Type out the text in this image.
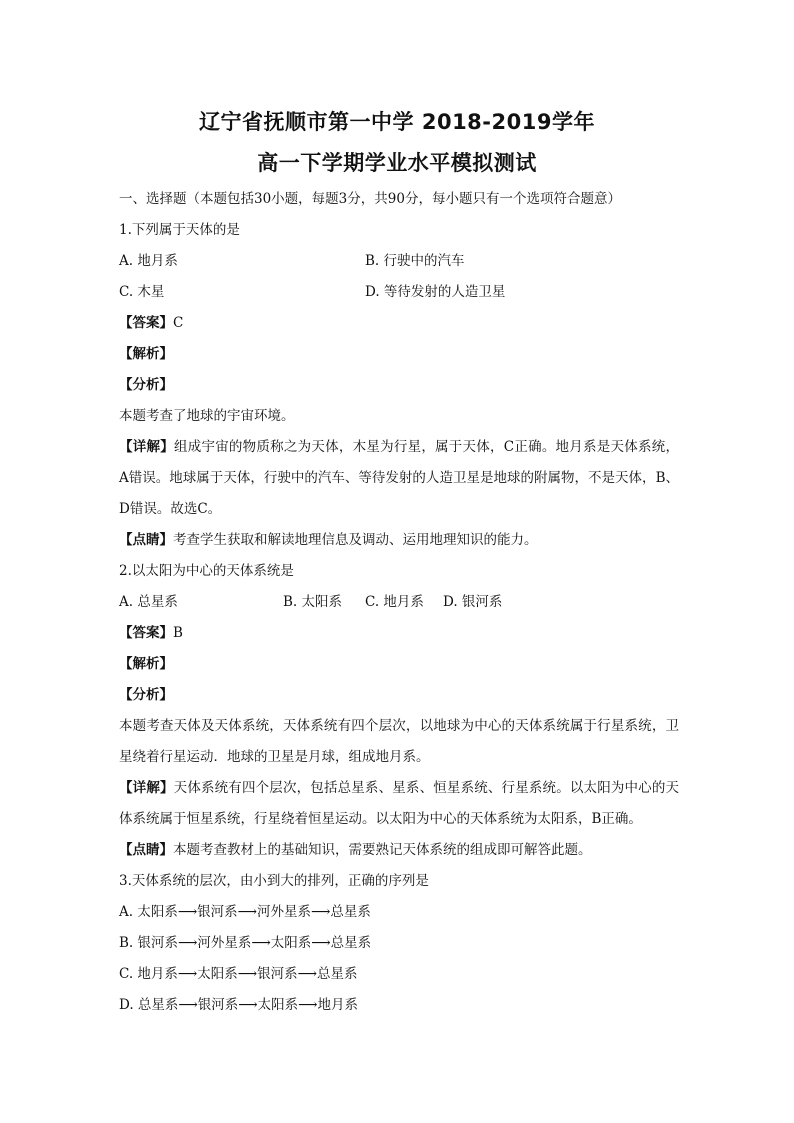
辽宁省抚顺市第一中学 2018-2019学年
高一下学期学业水平模拟测试
一、选择题（本题包括30小题，每题3分，共90分，每小题只有一个选项符合题意）
1.下列属于天体的是
A. 地月系	B. 行驶中的汽车
C. 木星	D. 等待发射的人造卫星
【答案】C
【解析】
【分析】
本题考查了地球的宇宙环境。
【详解】组成宇宙的物质称之为天体，木星为行星，属于天体，C正确。地月系是天体系统，A错误。地球属于天体，行驶中的汽车、等待发射的人造卫星是地球的附属物，不是天体，B、D错误。故选C。
【点睛】考查学生获取和解读地理信息及调动、运用地理知识的能力。
2.以太阳为中心的天体系统是
A. 总星系	B. 太阳系	C. 地月系	D. 银河系
【答案】B
【解析】
【分析】
本题考查天体及天体系统，天体系统有四个层次，以地球为中心的天体系统属于行星系统，卫星绕着行星运动．地球的卫星是月球，组成地月系。
【详解】天体系统有四个层次，包括总星系、星系、恒星系统、行星系统。以太阳为中心的天体系统属于恒星系统，行星绕着恒星运动。以太阳为中心的天体系统为太阳系，B正确。
【点睛】本题考查教材上的基础知识，需要熟记天体系统的组成即可解答此题。
3.天体系统的层次，由小到大的排列，正确的序列是
A. 太阳系⟶银河系⟶河外星系⟶总星系
B. 银河系⟶河外星系⟶太阳系⟶总星系
C. 地月系⟶太阳系⟶银河系⟶总星系
D. 总星系⟶银河系⟶太阳系⟶地月系
